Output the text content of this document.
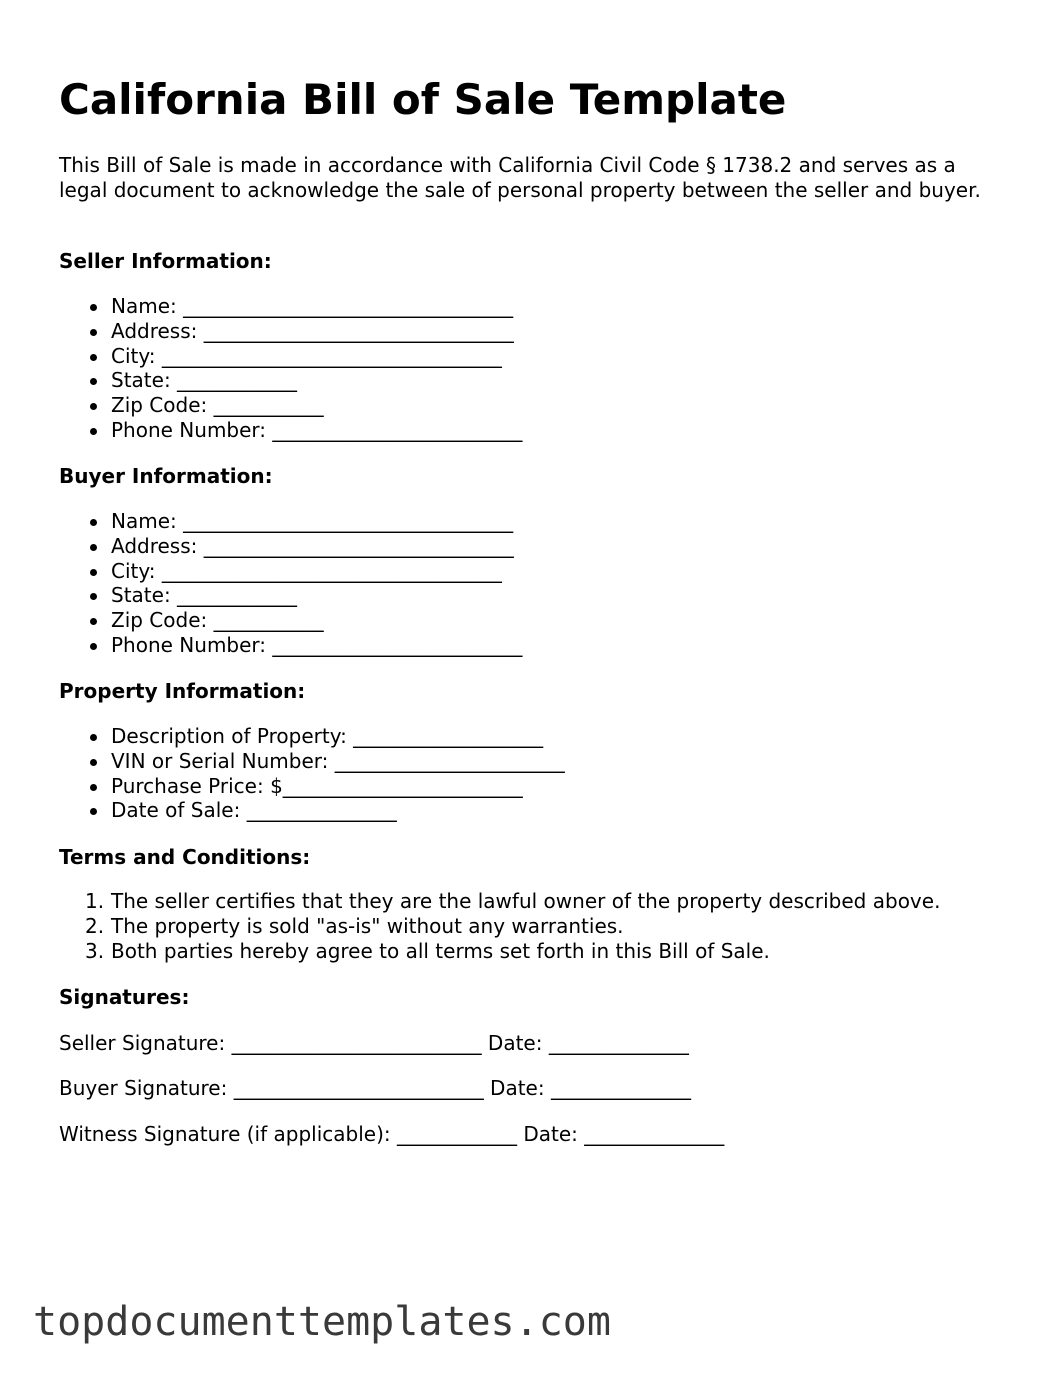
California Bill of Sale Template

This Bill of Sale is made in accordance with California Civil Code § 1738.2 and serves as a legal document to acknowledge the sale of personal property between the seller and buyer.

Seller Information:
Name: _________________________________
Address: _______________________________
City: __________________________________
State: ____________
Zip Code: ___________
Phone Number: _________________________
Buyer Information:
Name: _________________________________
Address: _______________________________
City: __________________________________
State: ____________
Zip Code: ___________
Phone Number: _________________________
Property Information:
Description of Property: ___________________
VIN or Serial Number: _______________________
Purchase Price: $________________________
Date of Sale: _______________
Terms and Conditions:
1. The seller certifies that they are the lawful owner of the property described above.
2. The property is sold "as-is" without any warranties.
3. Both parties hereby agree to all terms set forth in this Bill of Sale.
Signatures:

Seller Signature: _________________________ Date: ______________

Buyer Signature: _________________________ Date: ______________

Witness Signature (if applicable): ____________ Date: ______________

topdocumenttemplates.com
